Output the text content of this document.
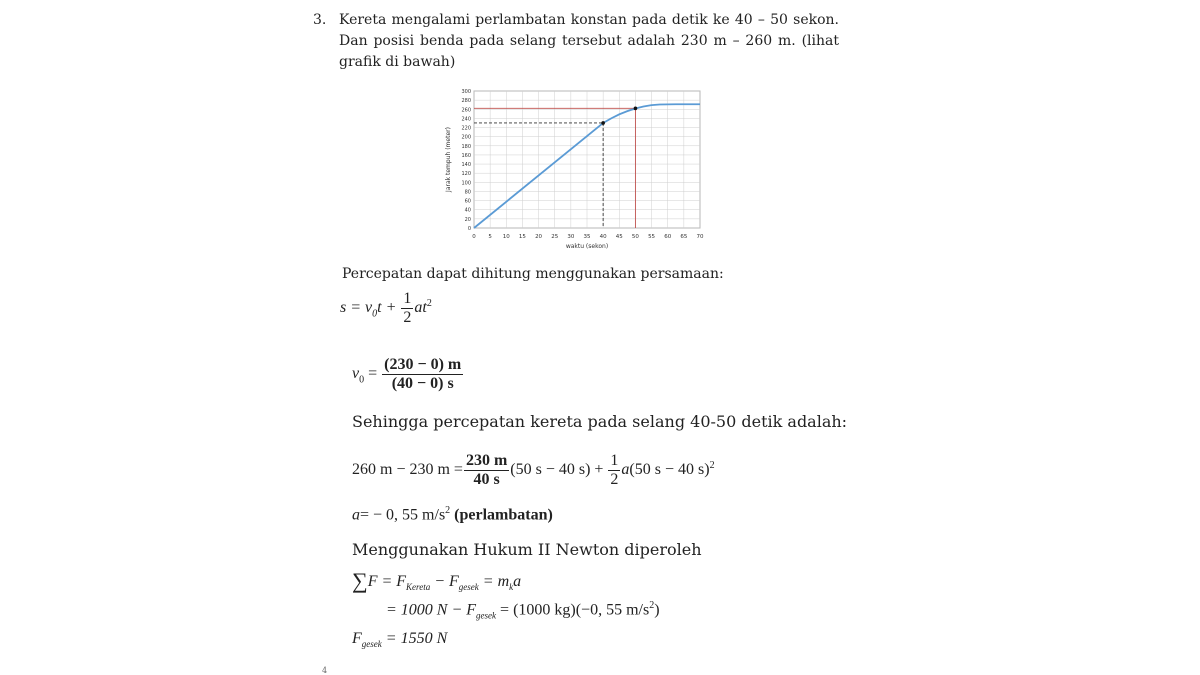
3. Kereta mengalami perlambatan konstan pada detik ke 40 – 50 sekon. Dan posisi benda pada selang tersebut adalah 230 m – 260 m. (lihat grafik di bawah)
0 5 10 15 20 25 30 35 40 45 50 55 60 65 70
0
20
40
60
80
100
120
140
160
180
200
220
240
260
280
300
waktu (sekon)
Jarak tempuh (meter)
Percepatan dapat dihitung menggunakan persamaan:
$s = v_0t + \frac{1}{2} at^2$
$v_0 = \frac{(230 - 0) m}{(40 - 0) s}$
Sehingga percepatan kereta pada selang 40-50 detik adalah:
260 m − 230 $m = \frac{230 m}{40 s} (50$ s − 40 $s) + \frac{1}{2} a(50$ s − 40 s)$^2$
a= − 0, 55 $m/s^2$ (perlambatan)
Menggunakan Hukum II Newton diperoleh
$\sum F = F_{Kereta} - F_{gesek} = m_ka$
= 1000 $N - F_{gesek} = (1000$ kg)(−0, 55 $m/s^2$)
$F_{gesek} = 1550$ N
4
